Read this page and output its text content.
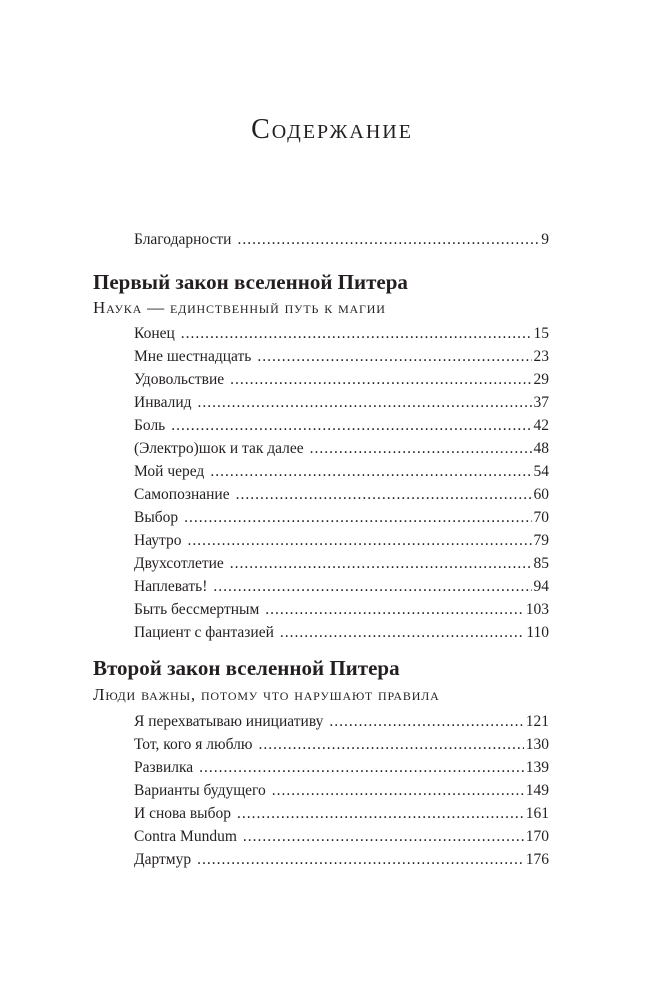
Содержание
Благодарности .....	9
Первый закон вселенной Питера
Наука — единственный путь к магии
Конец .....	15
Мне шестнадцать .....	23
Удовольствие .....	29
Инвалид .....	37
Боль .....	42
(Электро)шок и так далее .....	48
Мой черед .....	54
Самопознание .....	60
Выбор .....	70
Наутро .....	79
Двухсотлетие .....	85
Наплевать! .....	94
Быть бессмертным .....	103
Пациент с фантазией .....	110
Второй закон вселенной Питера
Люди важны, потому что нарушают правила
Я перехватываю инициативу .....	121
Тот, кого я люблю .....	130
Развилка .....	139
Варианты будущего .....	149
И снова выбор .....	161
Contra Mundum .....	170
Дартмур .....	176
